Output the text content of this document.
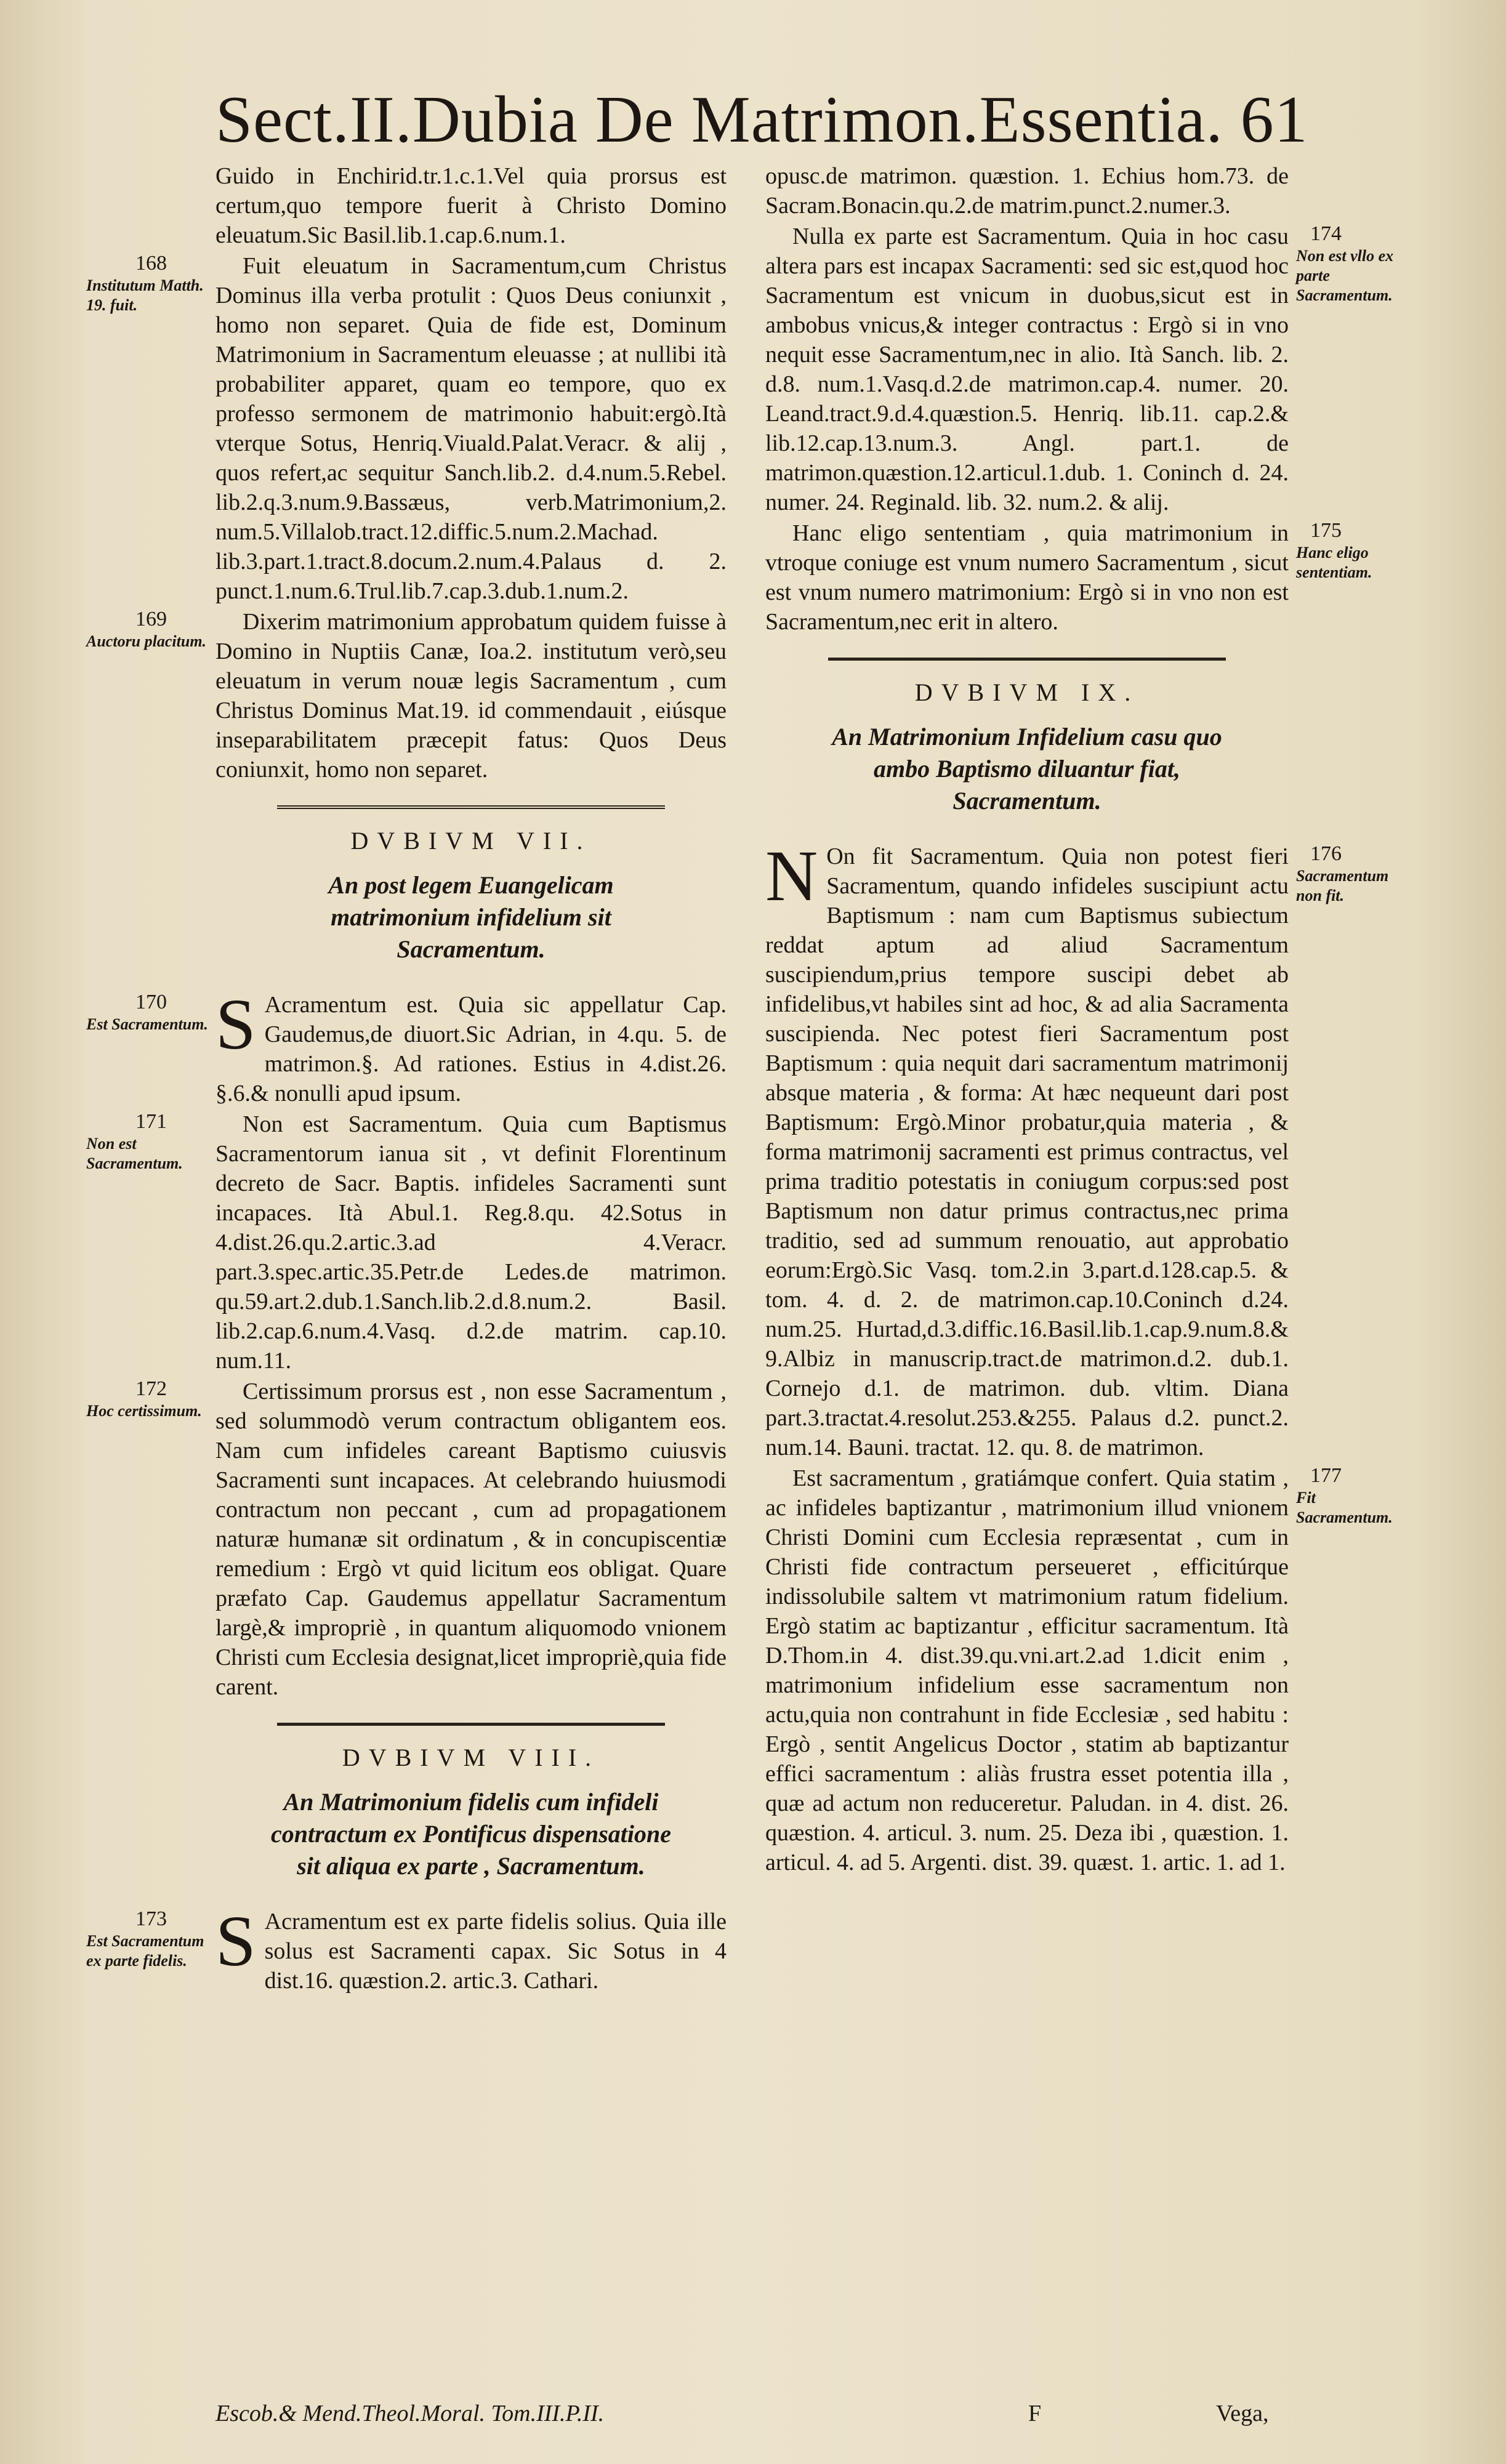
Sect.II.Dubia De Matrimon.Essentia. 61

Guido in Enchirid.tr.1.c.1.Vel quia prorsus est certum,quo tempore fuerit à Christo Domino eleuatum.Sic Basil.lib.1.cap.6.num.1.

168
Institutum Matth. 19. fuit.

Fuit eleuatum in Sacramentum,cum Christus Dominus illa verba protulit : Quos Deus coniunxit , homo non separet. Quia de fide est, Dominum Matrimonium in Sacramentum eleuasse ; at nullibi ità probabiliter apparet, quam eo tempore, quo ex professo sermonem de matrimonio habuit:ergò.Ità vterque Sotus, Henriq.Viuald.Palat.Veracr. & alij , quos refert,ac sequitur Sanch.lib.2. d.4.num.5.Rebel. lib.2.q.3.num.9.Bassæus, verb.Matrimonium,2. num.5.Villalob.tract.12.diffic.5.num.2.Machad. lib.3.part.1.tract.8.docum.2.num.4.Palaus d. 2. punct.1.num.6.Trul.lib.7.cap.3.dub.1.num.2.

169
Auctoru placitum.

Dixerim matrimonium approbatum quidem fuisse à Domino in Nuptiis Canæ, Ioa.2. institutum verò,seu eleuatum in verum nouæ legis Sacramentum , cum Christus Dominus Mat.19. id commendauit , eiúsque inseparabilitatem præcepit fatus: Quos Deus coniunxit, homo non separet.

DVBIVM VII.
An post legem Euangelicam matrimonium infidelium sit Sacramentum.
170
Est Sacramentum. S Acramentum est. Quia sic appellatur Cap. Gaudemus,de diuort.Sic Adrian, in 4.qu. 5. de matrimon.§. Ad rationes. Estius in 4.dist.26. §.6.& nonulli apud ipsum.

171
Non est Sacramentum.

Non est Sacramentum. Quia cum Baptismus Sacramentorum ianua sit , vt definit Florentinum decreto de Sacr. Baptis. infideles Sacramenti sunt incapaces. Ità Abul.1. Reg.8.qu. 42.Sotus in 4.dist.26.qu.2.artic.3.ad 4.Veracr. part.3.spec.artic.35.Petr.de Ledes.de matrimon. qu.59.art.2.dub.1.Sanch.lib.2.d.8.num.2. Basil. lib.2.cap.6.num.4.Vasq. d.2.de matrim. cap.10. num.11.

172
Hoc certissimum.

Certissimum prorsus est , non esse Sacramentum , sed solummodò verum contractum obligantem eos. Nam cum infideles careant Baptismo cuiusvis Sacramenti sunt incapaces. At celebrando huiusmodi contractum non peccant , cum ad propagationem naturæ humanæ sit ordinatum , & in concupiscentiæ remedium : Ergò vt quid licitum eos obligat. Quare præfato Cap. Gaudemus appellatur Sacramentum largè,& impropriè , in quantum aliquomodo vnionem Christi cum Ecclesia designat,licet impropriè,quia fide carent.

DVBIVM VIII.
An Matrimonium fidelis cum infideli contractum ex Pontificus dispensatione sit aliqua ex parte , Sacramentum.
173
Est Sacramentum ex parte fidelis. S Acramentum est ex parte fidelis solius. Quia ille solus est Sacramenti capax. Sic Sotus in 4 dist.16. quæstion.2. artic.3. Cathari.

opusc.de matrimon. quæstion. 1. Echius hom.73. de Sacram.Bonacin.qu.2.de matrim.punct.2.numer.3.

174
Non est vllo ex parte Sacramentum.

Nulla ex parte est Sacramentum. Quia in hoc casu altera pars est incapax Sacramenti: sed sic est,quod hoc Sacramentum est vnicum in duobus,sicut est in ambobus vnicus,& integer contractus : Ergò si in vno nequit esse Sacramentum,nec in alio. Ità Sanch. lib. 2. d.8. num.1.Vasq.d.2.de matrimon.cap.4. numer. 20. Leand.tract.9.d.4.quæstion.5. Henriq. lib.11. cap.2.& lib.12.cap.13.num.3. Angl. part.1. de matrimon.quæstion.12.articul.1.dub. 1. Coninch d. 24. numer. 24. Reginald. lib. 32. num.2. & alij.

175
Hanc eligo sententiam.

Hanc eligo sententiam , quia matrimonium in vtroque coniuge est vnum numero Sacramentum , sicut est vnum numero matrimonium: Ergò si in vno non est Sacramentum,nec erit in altero.

DVBIVM IX.
An Matrimonium Infidelium casu quo ambo Baptismo diluantur fiat, Sacramentum.
176
Sacramentum non fit.
N On fit Sacramentum. Quia non potest fieri Sacramentum, quando infideles suscipiunt actu Baptismum : nam cum Baptismus subiectum reddat aptum ad aliud Sacramentum suscipiendum,prius tempore suscipi debet ab infidelibus,vt habiles sint ad hoc, & ad alia Sacramenta suscipienda. Nec potest fieri Sacramentum post Baptismum : quia nequit dari sacramentum matrimonij absque materia , & forma: At hæc nequeunt dari post Baptismum: Ergò.Minor probatur,quia materia , & forma matrimonij sacramenti est primus contractus, vel prima traditio potestatis in coniugum corpus:sed post Baptismum non datur primus contractus,nec prima traditio, sed ad summum renouatio, aut approbatio eorum:Ergò.Sic Vasq. tom.2.in 3.part.d.128.cap.5. & tom. 4. d. 2. de matrimon.cap.10.Coninch d.24. num.25. Hurtad,d.3.diffic.16.Basil.lib.1.cap.9.num.8.& 9.Albiz in manuscrip.tract.de matrimon.d.2. dub.1. Cornejo d.1. de matrimon. dub. vltim. Diana part.3.tractat.4.resolut.253.&255. Palaus d.2. punct.2. num.14. Bauni. tractat. 12. qu. 8. de matrimon.

177
Fit Sacramentum.

Est sacramentum , gratiámque confert. Quia statim , ac infideles baptizantur , matrimonium illud vnionem Christi Domini cum Ecclesia repræsentat , cum in Christi fide contractum perseueret , efficitúrque indissolubile saltem vt matrimonium ratum fidelium. Ergò statim ac baptizantur , efficitur sacramentum. Ità D.Thom.in 4. dist.39.qu.vni.art.2.ad 1.dicit enim , matrimonium infidelium esse sacramentum non actu,quia non contrahunt in fide Ecclesiæ , sed habitu : Ergò , sentit Angelicus Doctor , statim ab baptizantur effici sacramentum : aliàs frustra esset potentia illa , quæ ad actum non reduceretur. Paludan. in 4. dist. 26. quæstion. 4. articul. 3. num. 25. Deza ibi , quæstion. 1. articul. 4. ad 5. Argenti. dist. 39. quæst. 1. artic. 1. ad 1.

Escob.& Mend.Theol.Moral. Tom.III.P.II.	F	Vega,
